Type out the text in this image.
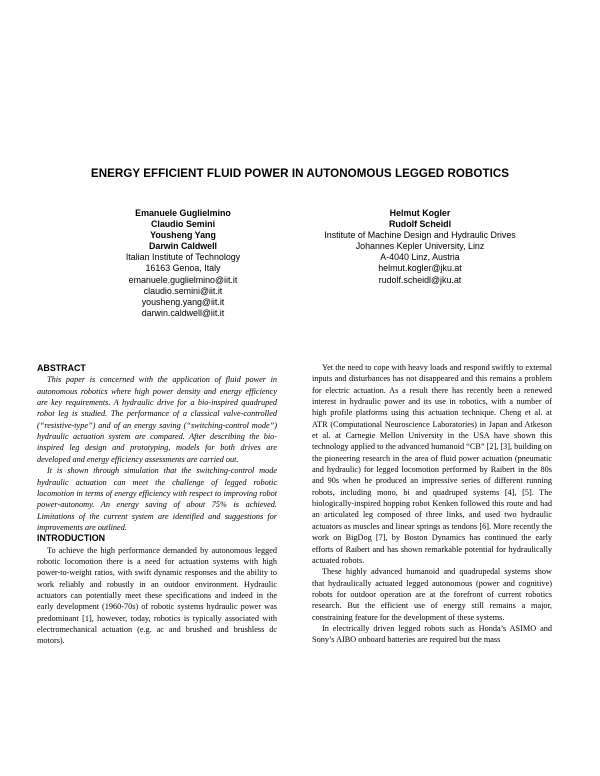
ENERGY EFFICIENT FLUID POWER IN AUTONOMOUS LEGGED ROBOTICS
Emanuele Guglielmino
Claudio Semini
Yousheng Yang
Darwin Caldwell
Italian Institute of Technology
16163 Genoa, Italy
emanuele.guglielmino@iit.it
claudio.semini@iit.it
yousheng.yang@iit.it
darwin.caldwell@iit.it
Helmut Kogler
Rudolf Scheidl
Institute of Machine Design and Hydraulic Drives
Johannes Kepler University, Linz
A-4040 Linz, Austria
helmut.kogler@jku.at
rudolf.scheidl@jku.at
ABSTRACT

This paper is concerned with the application of fluid power in autonomous robotics where high power density and energy efficiency are key requirements. A hydraulic drive for a bio-inspired quadruped robot leg is studied. The performance of a classical valve-controlled (“resistive-type”) and of an energy saving (“switching-control mode”) hydraulic actuation system are compared. After describing the bio-inspired leg design and prototyping, models for both drives are developed and energy efficiency assessments are carried out.

It is shown through simulation that the switching-control mode hydraulic actuation can meet the challenge of legged robotic locomotion in terms of energy efficiency with respect to improving robot power-autonomy. An energy saving of about 75% is achieved. Limitations of the current system are identified and suggestions for improvements are outlined.

INTRODUCTION

To achieve the high performance demanded by autonomous legged robotic locomotion there is a need for actuation systems with high power-to-weight ratios, with swift dynamic responses and the ability to work reliably and robustly in an outdoor environment. Hydraulic actuators can potentially meet these specifications and indeed in the early development (1960-70s) of robotic systems hydraulic power was predominant [1], however, today, robotics is typically associated with electromechanical actuation (e.g. ac and brushed and brushless dc motors).

Yet the need to cope with heavy loads and respond swiftly to external inputs and disturbances has not disappeared and this remains a problem for electric actuation. As a result there has recently been a renewed interest in hydraulic power and its use in robotics, with a number of high profile platforms using this actuation technique. Cheng et al. at ATR (Computational Neuroscience Laboratories) in Japan and Atkeson et al. at Carnegie Mellon University in the USA have shown this technology applied to the advanced humanoid “CB” [2], [3], building on the pioneering research in the area of fluid power actuation (pneumatic and hydraulic) for legged locomotion performed by Raibert in the 80s and 90s when he produced an impressive series of different running robots, including mono, bi and quadruped systems [4], [5]. The biologically-inspired hopping robot Kenken followed this route and had an articulated leg composed of three links, and used two hydraulic actuators as muscles and linear springs as tendons [6]. More recently the work on BigDog [7], by Boston Dynamics has continued the early efforts of Raibert and has shown remarkable potential for hydraulically actuated robots.

These highly advanced humanoid and quadrupedal systems show that hydraulically actuated legged autonomous (power and cognitive) robots for outdoor operation are at the forefront of current robotics research. But the efficient use of energy still remains a major, constraining feature for the development of these systems.

In electrically driven legged robots such as Honda’s ASIMO and Sony’s AIBO onboard batteries are required but the mass
